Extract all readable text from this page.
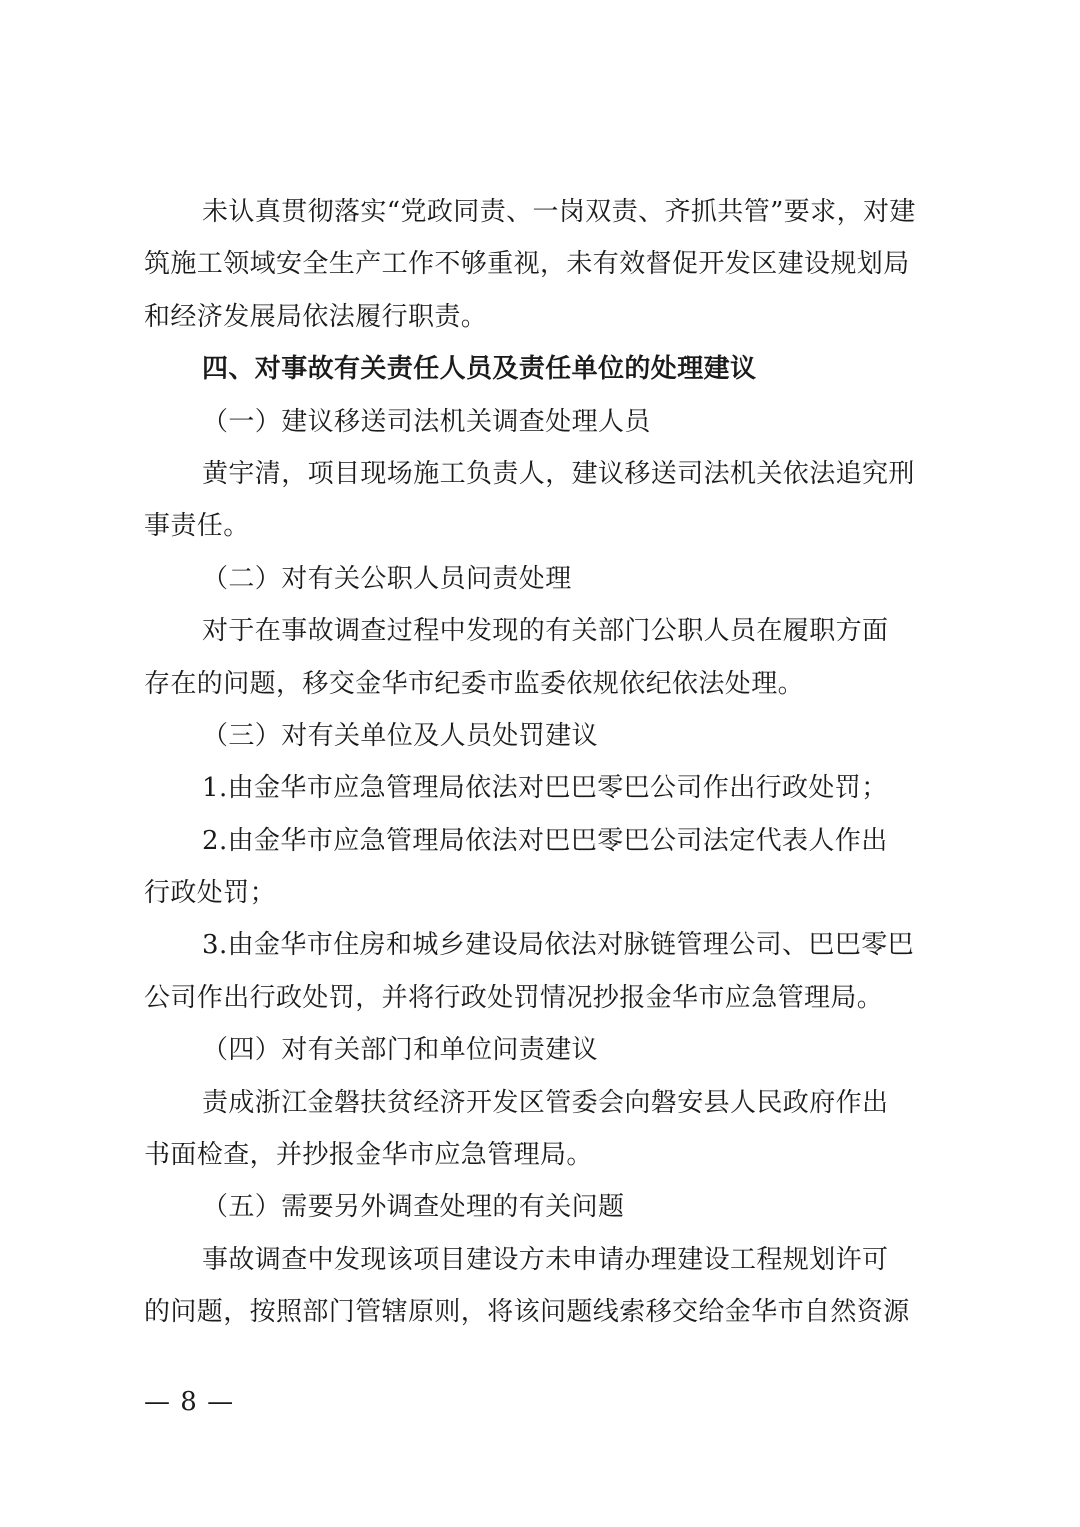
未认真贯彻落实“党政同责、一岗双责、齐抓共管”要求，对建
筑施工领域安全生产工作不够重视，未有效督促开发区建设规划局
和经济发展局依法履行职责。
四、对事故有关责任人员及责任单位的处理建议
（一）建议移送司法机关调查处理人员
黄宇清，项目现场施工负责人，建议移送司法机关依法追究刑
事责任。
（二）对有关公职人员问责处理
对于在事故调查过程中发现的有关部门公职人员在履职方面
存在的问题，移交金华市纪委市监委依规依纪依法处理。
（三）对有关单位及人员处罚建议
1.由金华市应急管理局依法对巴巴零巴公司作出行政处罚；
2.由金华市应急管理局依法对巴巴零巴公司法定代表人作出
行政处罚；
3.由金华市住房和城乡建设局依法对脉链管理公司、巴巴零巴
公司作出行政处罚，并将行政处罚情况抄报金华市应急管理局。
（四）对有关部门和单位问责建议
责成浙江金磐扶贫经济开发区管委会向磐安县人民政府作出
书面检查，并抄报金华市应急管理局。
（五）需要另外调查处理的有关问题
事故调查中发现该项目建设方未申请办理建设工程规划许可
的问题，按照部门管辖原则，将该问题线索移交给金华市自然资源
— 8 —
